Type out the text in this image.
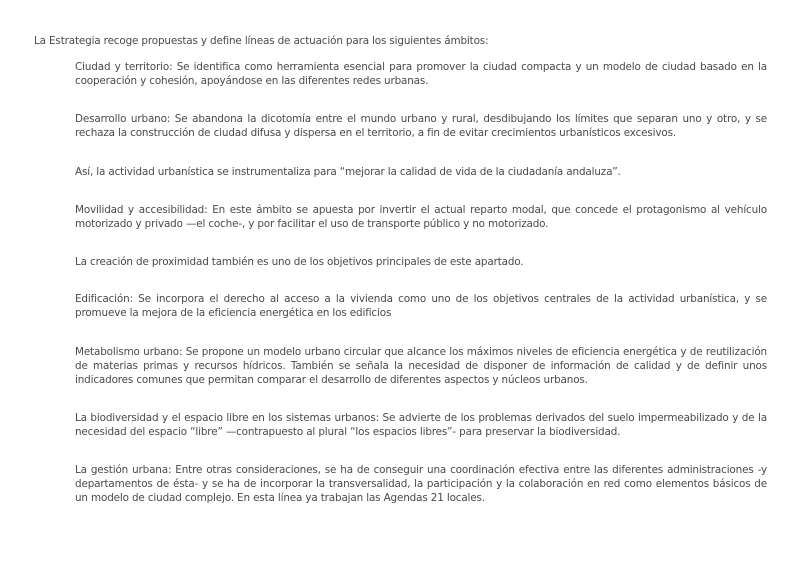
La Estrategia recoge propuestas y define líneas de actuación para los siguientes ámbitos:

Ciudad y territorio: Se identifica como herramienta esencial para promover la ciudad compacta y un modelo de ciudad basado en la cooperación y cohesión, apoyándose en las diferentes redes urbanas.

Desarrollo urbano: Se abandona la dicotomía entre el mundo urbano y rural, desdibujando los límites que separan uno y otro, y se rechaza la construcción de ciudad difusa y dispersa en el territorio, a fin de evitar crecimientos urbanísticos excesivos.

Así, la actividad urbanística se instrumentaliza para “mejorar la calidad de vida de la ciudadanía andaluza”.

Movilidad y accesibilidad: En este ámbito se apuesta por invertir el actual reparto modal, que concede el protagonismo al vehículo motorizado y privado —el coche-, y por facilitar el uso de transporte público y no motorizado.

La creación de proximidad también es uno de los objetivos principales de este apartado.

Edificación: Se incorpora el derecho al acceso a la vivienda como uno de los objetivos centrales de la actividad urbanística, y se promueve la mejora de la eficiencia energética en los edificios

Metabolismo urbano: Se propone un modelo urbano circular que alcance los máximos niveles de eficiencia energética y de reutilización de materias primas y recursos hídricos. También se señala la necesidad de disponer de información de calidad y de definir unos indicadores comunes que permitan comparar el desarrollo de diferentes aspectos y núcleos urbanos.

La biodiversidad y el espacio libre en los sistemas urbanos: Se advierte de los problemas derivados del suelo impermeabilizado y de la necesidad del espacio “libre” —contrapuesto al plural “los espacios libres”- para preservar la biodiversidad.

La gestión urbana: Entre otras consideraciones, se ha de conseguir una coordinación efectiva entre las diferentes administraciones -y departamentos de ésta- y se ha de incorporar la transversalidad, la participación y la colaboración en red como elementos básicos de un modelo de ciudad complejo. En esta línea ya trabajan las Agendas 21 locales.
